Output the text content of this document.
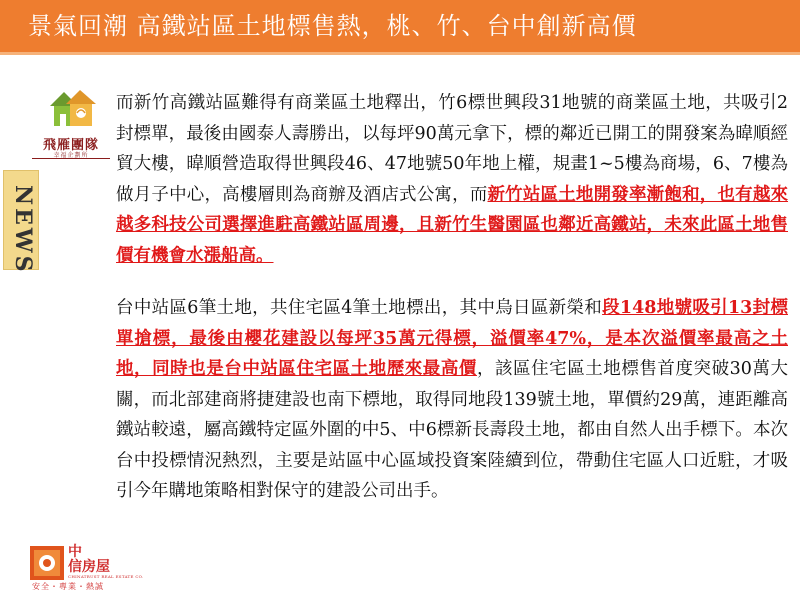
景氣回潮 高鐵站區土地標售熱，桃、竹、台中創新高價
飛雁團隊
幸福企劃所
NEWS

而新竹高鐵站區難得有商業區土地釋出，竹6標世興段31地號的商業區土地，共吸引2封標單，最後由國泰人壽勝出，以每坪90萬元拿下，標的鄰近已開工的開發案為暐順經貿大樓，暐順營造取得世興段46、47地號50年地上權，規畫1~5樓為商場，6、7樓為做月子中心，高樓層則為商辦及酒店式公寓，而新竹站區土地開發率漸飽和，也有越來越多科技公司選擇進駐高鐵站區周邊，且新竹生醫園區也鄰近高鐵站，未來此區土地售價有機會水漲船高。

台中站區6筆土地，共住宅區4筆土地標出，其中烏日區新榮和段148地號吸引13封標單搶標，最後由櫻花建設以每坪35萬元得標，溢價率47%，是本次溢價率最高之土地，同時也是台中站區住宅區土地歷來最高價，該區住宅區土地標售首度突破30萬大關，而北部建商將捷建設也南下標地，取得同地段139號土地，單價約29萬，連距離高鐵站較遠，屬高鐵特定區外圍的中5、中6標新長壽段土地，都由自然人出手標下。本次台中投標情況熱烈，主要是站區中心區域投資案陸續到位，帶動住宅區人口近駐，才吸引今年購地策略相對保守的建設公司出手。

中
信房屋
CHINATRUST REAL ESTATE CO.
安全・專業・熱誠
